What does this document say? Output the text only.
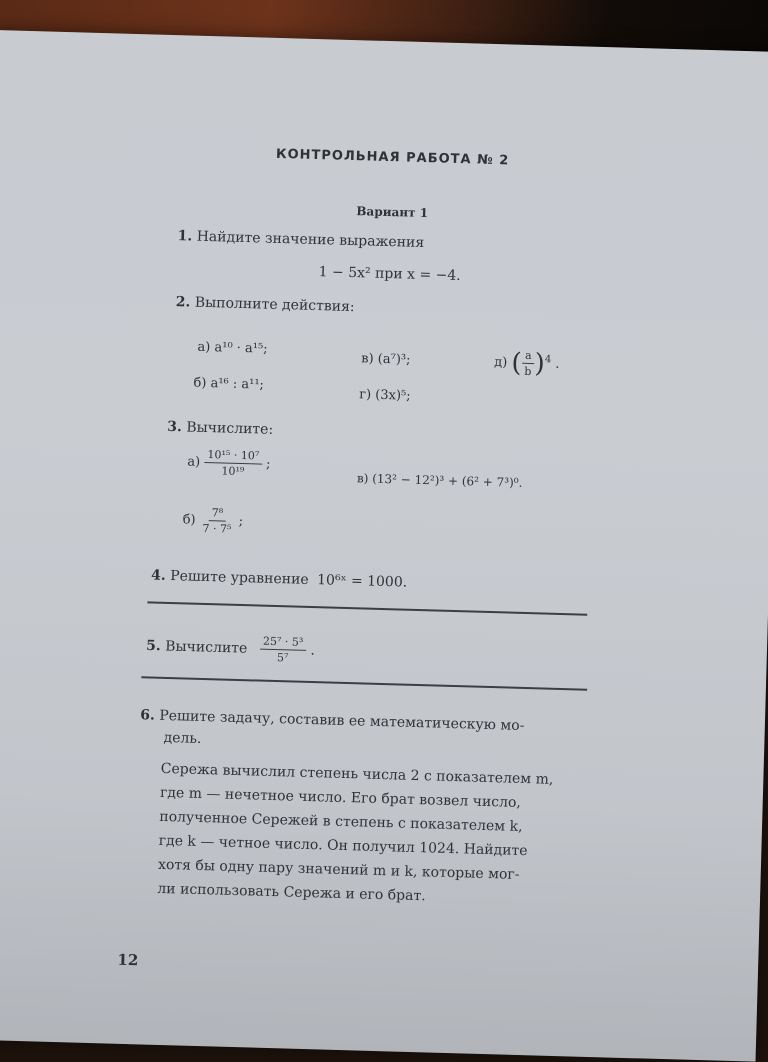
КОНТРОЛЬНАЯ РАБОТА № 2
Вариант 1
1. Найдите значение выражения
1 − 5x² при x = −4.
2. Выполните действия:
а) a¹⁰ · a¹⁵;
б) a¹⁶ : a¹¹;
в) (a⁷)³;
г) (3x)⁵;
д) ( $\frac{a}{b} )^4$ .
3. Вычислите:
$а) \frac{\text{10¹⁵ · 10⁷}}{\text{10¹⁹}}$ ;
$б) \frac{\text{7⁸}}{\text{7 · 7⁵}}$ ;
в) (13² − 12²)³ + (6² + 7³)⁰.
4. Решите уравнение 10⁶ˣ = 1000.
5. Вычислите $\frac{\text{25⁷ · 5³}}{\text{5⁷}}$ .
6. Решите задачу, составив ее математическую мо-
дель.
Сережа вычислил степень числа 2 с показателем m,
где m — нечетное число. Его брат возвел число,
полученное Сережей в степень с показателем k,
где k — четное число. Он получил 1024. Найдите
хотя бы одну пару значений m и k, которые мог-
ли использовать Сережа и его брат.
12
